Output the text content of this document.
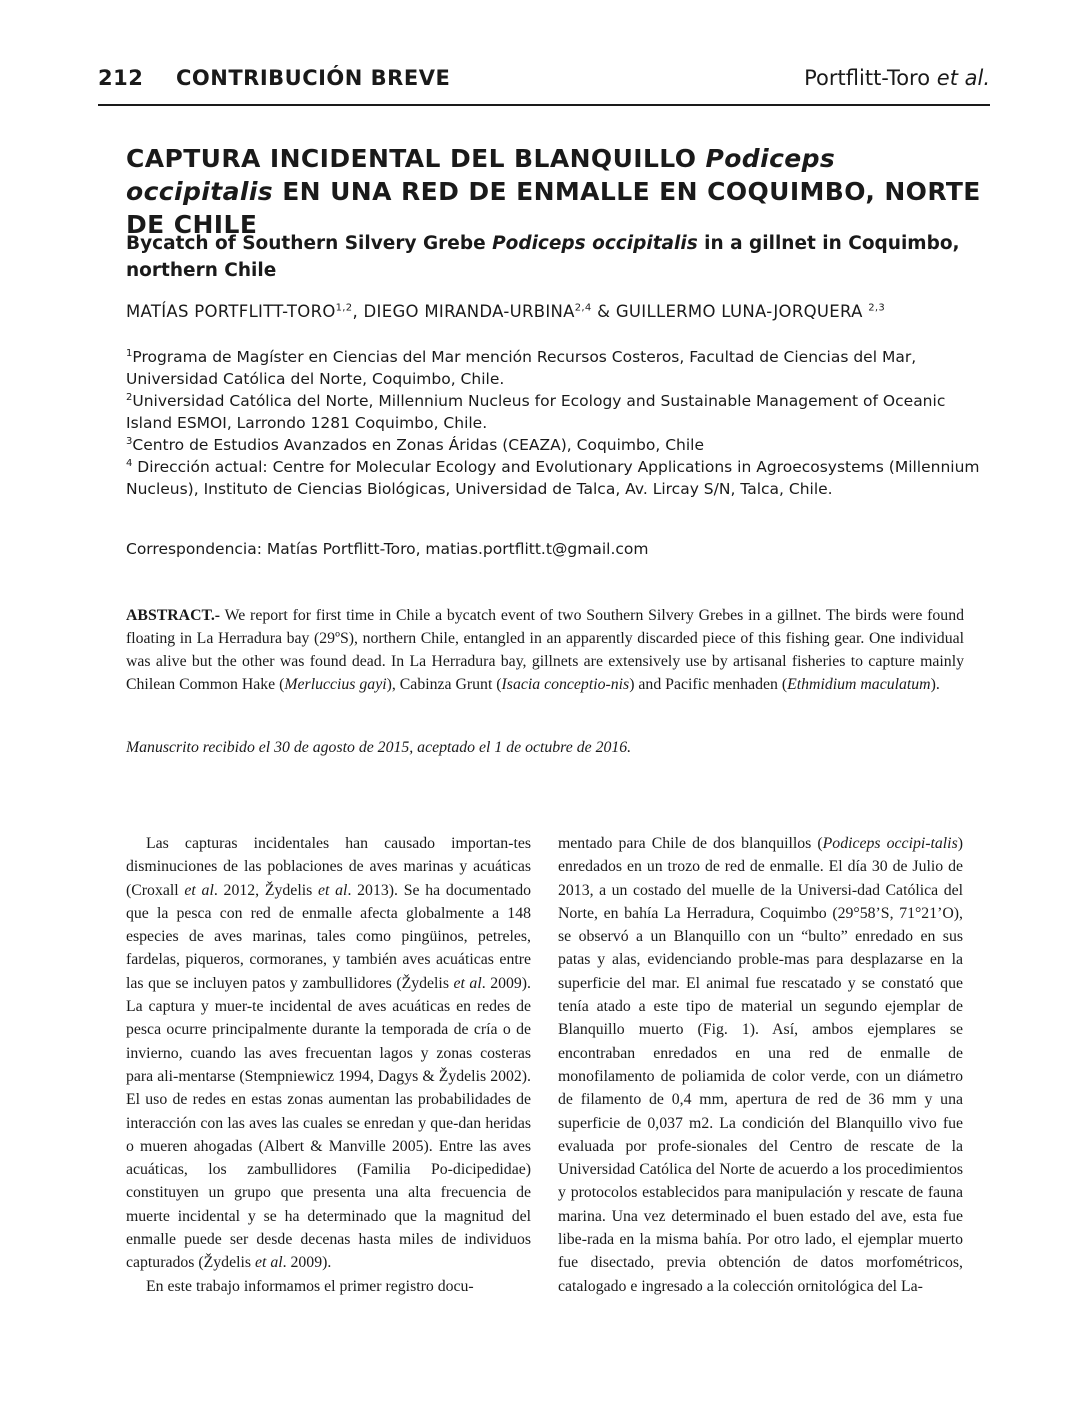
212 CONTRIBUCIÓN BREVE	Portflitt-Toro et al.
CAPTURA INCIDENTAL DEL BLANQUILLO Podiceps occipitalis EN UNA RED DE ENMALLE EN COQUIMBO, NORTE DE CHILE
Bycatch of Southern Silvery Grebe Podiceps occipitalis in a gillnet in Coquimbo, northern Chile
MATÍAS PORTFLITT-TORO$^{1,2}$, DIEGO MIRANDA-URBINA$^{2,4}$ & GUILLERMO LUNA-JORQUERA $^{2,3}$
$^1$Programa de Magíster en Ciencias del Mar mención Recursos Costeros, Facultad de Ciencias del Mar, Universidad Católica del Norte, Coquimbo, Chile.
$^2$Universidad Católica del Norte, Millennium Nucleus for Ecology and Sustainable Management of Oceanic Island ESMOI, Larrondo 1281 Coquimbo, Chile.
$^3$Centro de Estudios Avanzados en Zonas Áridas (CEAZA), Coquimbo, Chile
$^4$ Dirección actual: Centre for Molecular Ecology and Evolutionary Applications in Agroecosystems (Millennium Nucleus), Instituto de Ciencias Biológicas, Universidad de Talca, Av. Lircay S/N, Talca, Chile.
Correspondencia: Matías Portflitt-Toro, matias.portflitt.t@gmail.com
ABSTRACT.- We report for first time in Chile a bycatch event of two Southern Silvery Grebes in a gillnet. The birds were found floating in La Herradura bay (29ºS), northern Chile, entangled in an apparently discarded piece of this fishing gear. One individual was alive but the other was found dead. In La Herradura bay, gillnets are extensively use by artisanal fisheries to capture mainly Chilean Common Hake (Merluccius gayi), Cabinza Grunt (Isacia conceptio-nis) and Pacific menhaden (Ethmidium maculatum).
Manuscrito recibido el 30 de agosto de 2015, aceptado el 1 de octubre de 2016.

Las capturas incidentales han causado importan-tes disminuciones de las poblaciones de aves marinas y acuáticas (Croxall et al. 2012, Žydelis et al. 2013). Se ha documentado que la pesca con red de enmalle afecta globalmente a 148 especies de aves marinas, tales como pingüinos, petreles, fardelas, piqueros, cormoranes, y también aves acuáticas entre las que se incluyen patos y zambullidores (Žydelis et al. 2009). La captura y muer-te incidental de aves acuáticas en redes de pesca ocurre principalmente durante la temporada de cría o de invierno, cuando las aves frecuentan lagos y zonas costeras para ali-mentarse (Stempniewicz 1994, Dagys & Žydelis 2002). El uso de redes en estas zonas aumentan las probabilidades de interacción con las aves las cuales se enredan y que-dan heridas o mueren ahogadas (Albert & Manville 2005). Entre las aves acuáticas, los zambullidores (Familia Po-dicipedidae) constituyen un grupo que presenta una alta frecuencia de muerte incidental y se ha determinado que la magnitud del enmalle puede ser desde decenas hasta miles de individuos capturados (Žydelis et al. 2009).

En este trabajo informamos el primer registro docu-

mentado para Chile de dos blanquillos (Podiceps occipi-talis) enredados en un trozo de red de enmalle. El día 30 de Julio de 2013, a un costado del muelle de la Universi-dad Católica del Norte, en bahía La Herradura, Coquimbo (29°58’S, 71°21’O), se observó a un Blanquillo con un “bulto” enredado en sus patas y alas, evidenciando proble-mas para desplazarse en la superficie del mar. El animal fue rescatado y se constató que tenía atado a este tipo de material un segundo ejemplar de Blanquillo muerto (Fig. 1). Así, ambos ejemplares se encontraban enredados en una red de enmalle de monofilamento de poliamida de color verde, con un diámetro de filamento de 0,4 mm, apertura de red de 36 mm y una superficie de 0,037 m2. La condición del Blanquillo vivo fue evaluada por profe-sionales del Centro de rescate de la Universidad Católica del Norte de acuerdo a los procedimientos y protocolos establecidos para manipulación y rescate de fauna marina. Una vez determinado el buen estado del ave, esta fue libe-rada en la misma bahía. Por otro lado, el ejemplar muerto fue disectado, previa obtención de datos morfométricos, catalogado e ingresado a la colección ornitológica del La-
